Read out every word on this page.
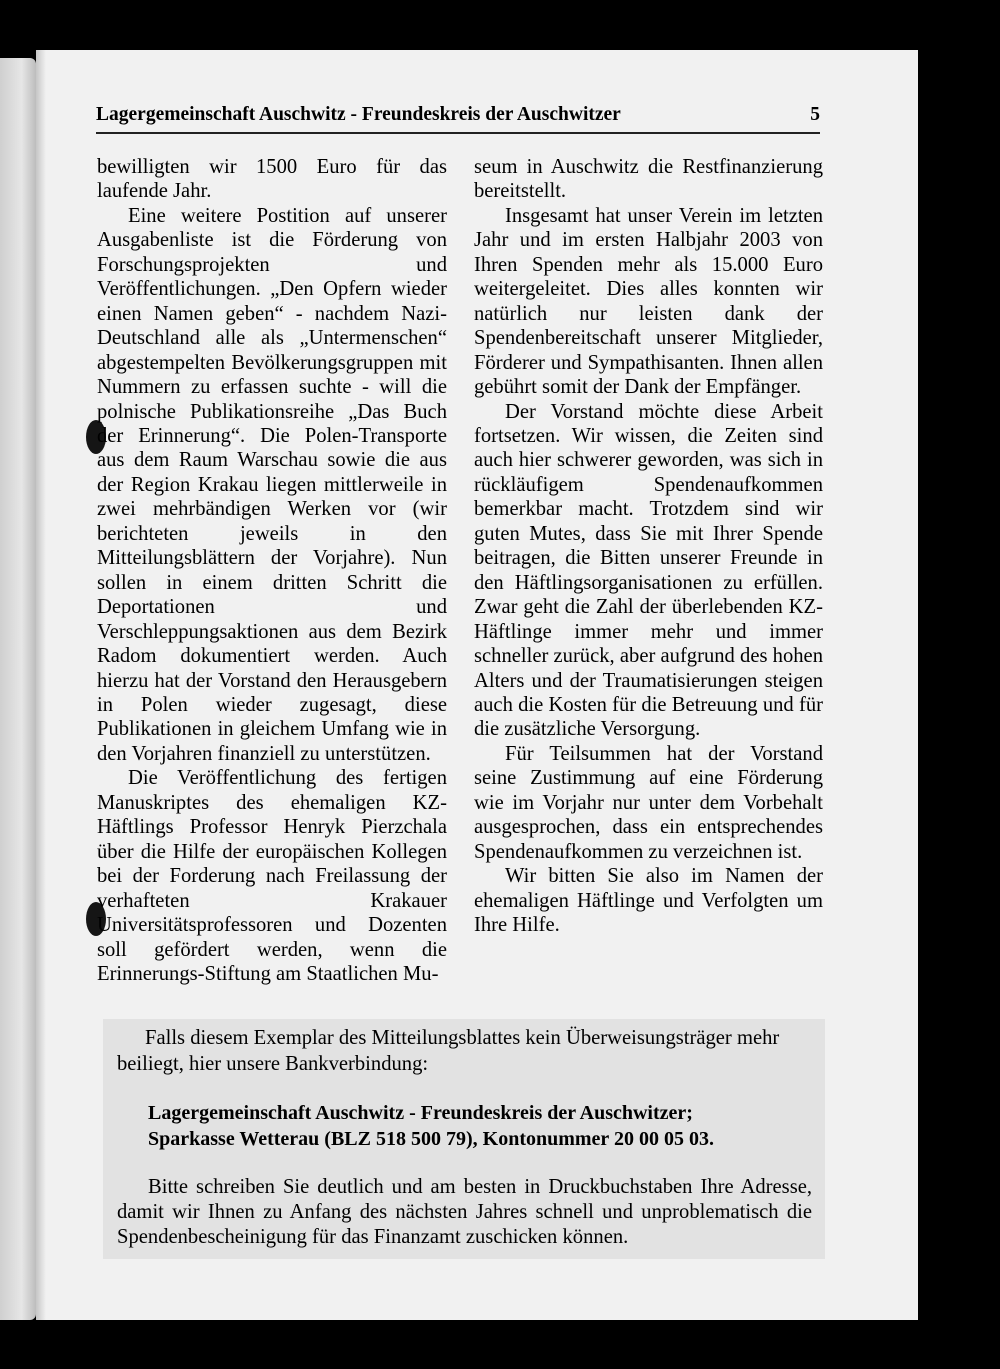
Lagergemeinschaft Auschwitz - Freundeskreis der Auschwitzer	5

bewilligten wir 1500 Euro für das laufende Jahr.

Eine weitere Postition auf unserer Ausgabenliste ist die Förderung von Forschungsprojekten und Veröffentlichungen. „Den Opfern wieder einen Namen geben“ - nachdem Nazi-Deutschland alle als „Untermenschen“ abgestempelten Bevölkerungsgruppen mit Nummern zu erfassen suchte - will die polnische Publikationsreihe „Das Buch der Erinnerung“. Die Polen-Transporte aus dem Raum Warschau sowie die aus der Region Krakau liegen mittlerweile in zwei mehrbändigen Werken vor (wir berichteten jeweils in den Mitteilungsblättern der Vorjahre). Nun sollen in einem dritten Schritt die Deportationen und Verschleppungsaktionen aus dem Bezirk Radom dokumentiert werden. Auch hierzu hat der Vorstand den Herausgebern in Polen wieder zugesagt, diese Publikationen in gleichem Umfang wie in den Vorjahren finanziell zu unterstützen.

Die Veröffentlichung des fertigen Manuskriptes des ehemaligen KZ-Häftlings Professor Henryk Pierzchala über die Hilfe der europäischen Kollegen bei der Forderung nach Freilassung der verhafteten Krakauer Universitätsprofessoren und Dozenten soll gefördert werden, wenn die Erinnerungs-Stiftung am Staatlichen Mu-

seum in Auschwitz die Restfinanzierung bereitstellt.

Insgesamt hat unser Verein im letzten Jahr und im ersten Halbjahr 2003 von Ihren Spenden mehr als 15.000 Euro weitergeleitet. Dies alles konnten wir natürlich nur leisten dank der Spendenbereitschaft unserer Mitglieder, Förderer und Sympathisanten. Ihnen allen gebührt somit der Dank der Empfänger.

Der Vorstand möchte diese Arbeit fortsetzen. Wir wissen, die Zeiten sind auch hier schwerer geworden, was sich in rückläufigem Spendenaufkommen bemerkbar macht. Trotzdem sind wir guten Mutes, dass Sie mit Ihrer Spende beitragen, die Bitten unserer Freunde in den Häftlingsorganisationen zu erfüllen. Zwar geht die Zahl der überlebenden KZ-Häftlinge immer mehr und immer schneller zurück, aber aufgrund des hohen Alters und der Traumatisierungen steigen auch die Kosten für die Betreuung und für die zusätzliche Versorgung.

Für Teilsummen hat der Vorstand seine Zustimmung auf eine Förderung wie im Vorjahr nur unter dem Vorbehalt ausgesprochen, dass ein entsprechendes Spendenaufkommen zu verzeichnen ist.

Wir bitten Sie also im Namen der ehemaligen Häftlinge und Verfolgten um Ihre Hilfe.

Falls diesem Exemplar des Mitteilungsblattes kein Überweisungsträger mehr beiliegt, hier unsere Bankverbindung:

Lagergemeinschaft Auschwitz - Freundeskreis der Auschwitzer;
Sparkasse Wetterau (BLZ 518 500 79), Kontonummer 20 00 05 03.

Bitte schreiben Sie deutlich und am besten in Druckbuchstaben Ihre Adresse, damit wir Ihnen zu Anfang des nächsten Jahres schnell und unproblematisch die Spendenbescheinigung für das Finanzamt zuschicken können.
